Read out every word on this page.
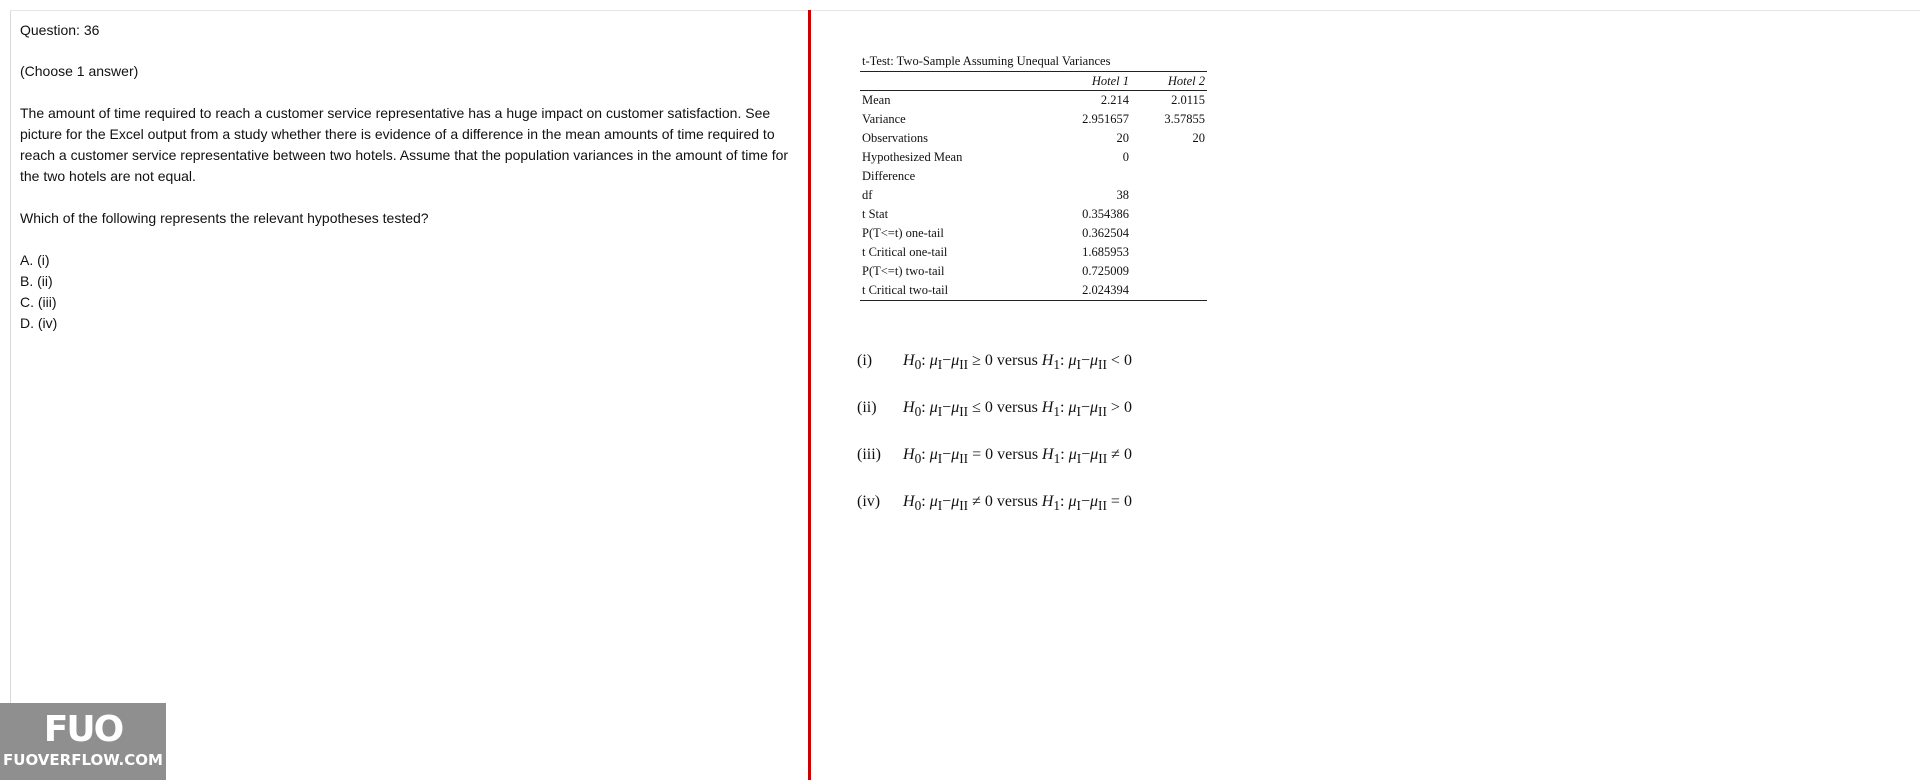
Question: 36

(Choose 1 answer)

The amount of time required to reach a customer service representative has a huge impact on customer satisfaction. See picture for the Excel output from a study whether there is evidence of a difference in the mean amounts of time required to reach a customer service representative between two hotels. Assume that the population variances in the amount of time for the two hotels are not equal.

Which of the following represents the relevant hypotheses tested?

A. (i)
B. (ii)
C. (iii)
D. (iv)
t-Test: Two-Sample Assuming Unequal Variances
	Hotel 1	Hotel 2
Mean	2.214	2.0115
Variance	2.951657	3.57855
Observations	20	20
Hypothesized Mean	0	
Difference		
df	38	
t Stat	0.354386	
P(T<=t) one-tail	0.362504	
t Critical one-tail	1.685953	
P(T<=t) two-tail	0.725009	
t Critical two-tail	2.024394	
(i)	$H_0$: $\mu_I-\mu_{II} \ge 0$ versus $H_1$: $\mu_I-\mu_{II} < 0$
(ii)	$H_0$: $\mu_I-\mu_{II} \le 0$ versus $H_1$: $\mu_I-\mu_{II} > 0$
(iii)	$H_0$: $\mu_I-\mu_{II} = 0$ versus $H_1$: $\mu_I-\mu_{II} \ne 0$
(iv)	$H_0$: $\mu_I-\mu_{II} \ne 0$ versus $H_1$: $\mu_I-\mu_{II} = 0$
FUO
FUOVERFLOW.COM
